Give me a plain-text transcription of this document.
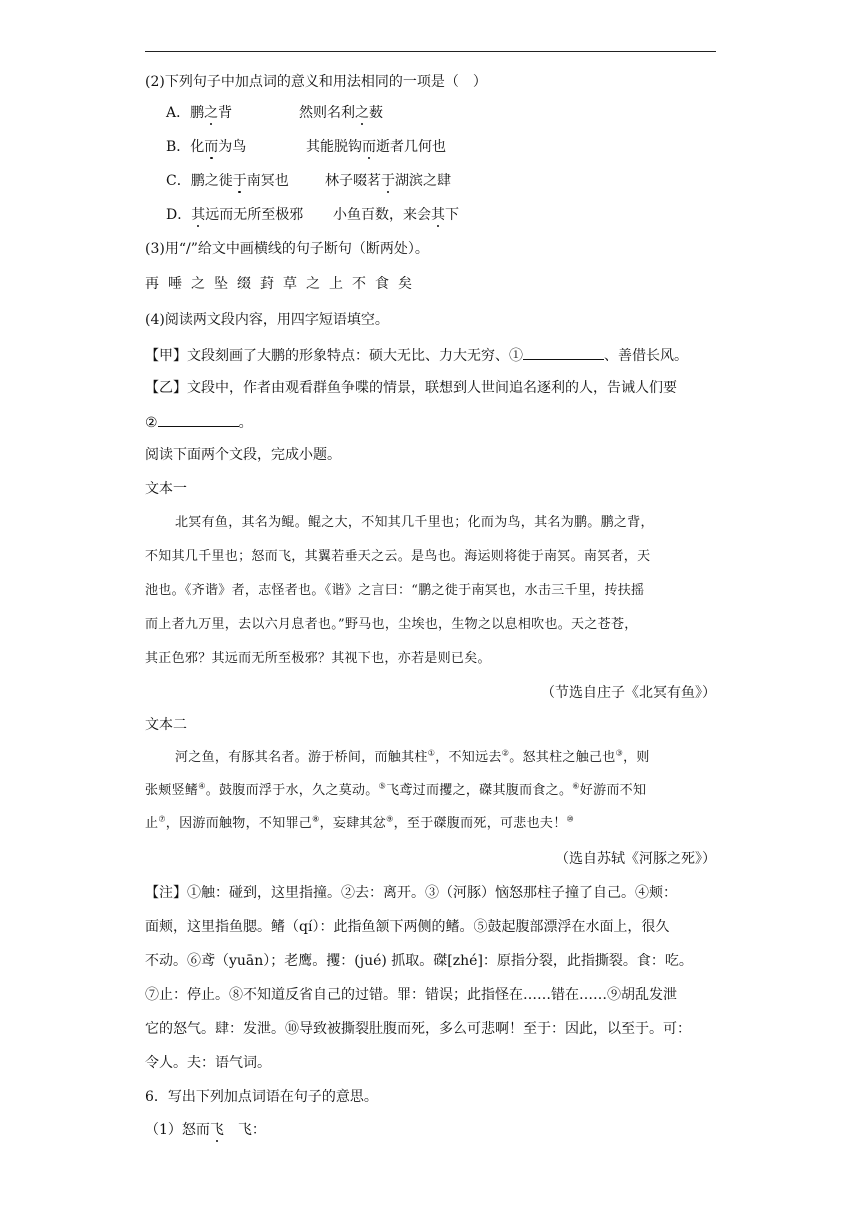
(2)下列句子中加点词的意义和用法相同的一项是（　）
A．鹏之背	然则名利之薮
B．化而为鸟	其能脱钩而逝者几何也
C．鹏之徙于南冥也	林子啜茗于湖滨之肆
D．其远而无所至极邪 小鱼百数，来会其下
(3)用“/”给文中画横线的句子断句（断两处）。
再唾之坠缀葑草之上不食矣
(4)阅读两文段内容，用四字短语填空。
【甲】文段刻画了大鹏的形象特点：硕大无比、力大无穷、①	、善借长风。
【乙】文段中，作者由观看群鱼争喋的情景，联想到人世间追名逐利的人，告诫人们要
②	。
阅读下面两个文段，完成小题。
文本一
北冥有鱼，其名为鲲。鲲之大，不知其几千里也；化而为鸟，其名为鹏。鹏之背，
不知其几千里也；怒而飞，其翼若垂天之云。是鸟也。海运则将徙于南冥。南冥者，天
池也。《齐谐》者，志怪者也。《谐》之言曰：“鹏之徙于南冥也，水击三千里，抟扶摇
而上者九万里，去以六月息者也。”野马也，尘埃也，生物之以息相吹也。天之苍苍，
其正色邪？其远而无所至极邪？其视下也，亦若是则已矣。
（节选自庄子《北冥有鱼》）
文本二
河之鱼，有豚其名者。游于桥间，而触其柱①，不知远去②。怒其柱之触己也③，则
张颊竖鳍④。鼓腹而浮于水，久之莫动。⑤飞鸢过而攫之，磔其腹而食之。⑥好游而不知
止⑦，因游而触物，不知罪己⑧，妄肆其忿⑨，至于磔腹而死，可悲也夫！⑩
（选自苏轼《河豚之死》）
【注】①触：碰到，这里指撞。②去：离开。③（河豚）恼怒那柱子撞了自己。④颊：
面颊，这里指鱼腮。鳍（qí）：此指鱼颔下两侧的鳍。⑤鼓起腹部漂浮在水面上，很久
不动。⑥鸢（yuān）；老鹰。攫：(jué) 抓取。磔[zhé]：原指分裂，此指撕裂。食：吃。
⑦止：停止。⑧不知道反省自己的过错。罪：错误；此指怪在……错在……⑨胡乱发泄
它的怒气。肆：发泄。⑩导致被撕裂肚腹而死，多么可悲啊！至于：因此，以至于。可：
令人。夫：语气词。
6．写出下列加点词语在句子的意思。
（1）怒而飞　飞：
